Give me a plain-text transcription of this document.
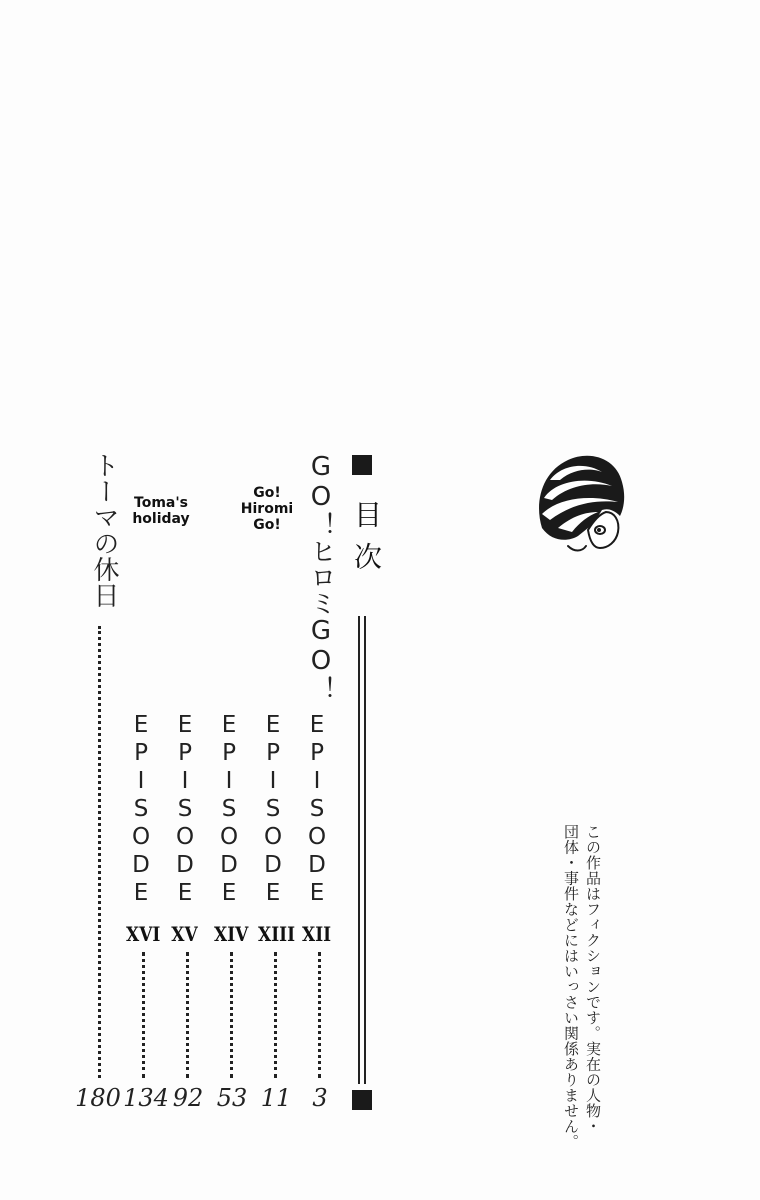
目次
GO！ヒロミGO！
Go!
Hiromi
Go!
Toma's
holiday
EPISODE
XII
3
EPISODE
XIII
11
EPISODE
XIV
53
EPISODE
XV
92
EPISODE
XVI
134
トーマの休日
180	この作品はフィクションです。実在の人物・
団体・事件などにはいっさい関係ありません。
